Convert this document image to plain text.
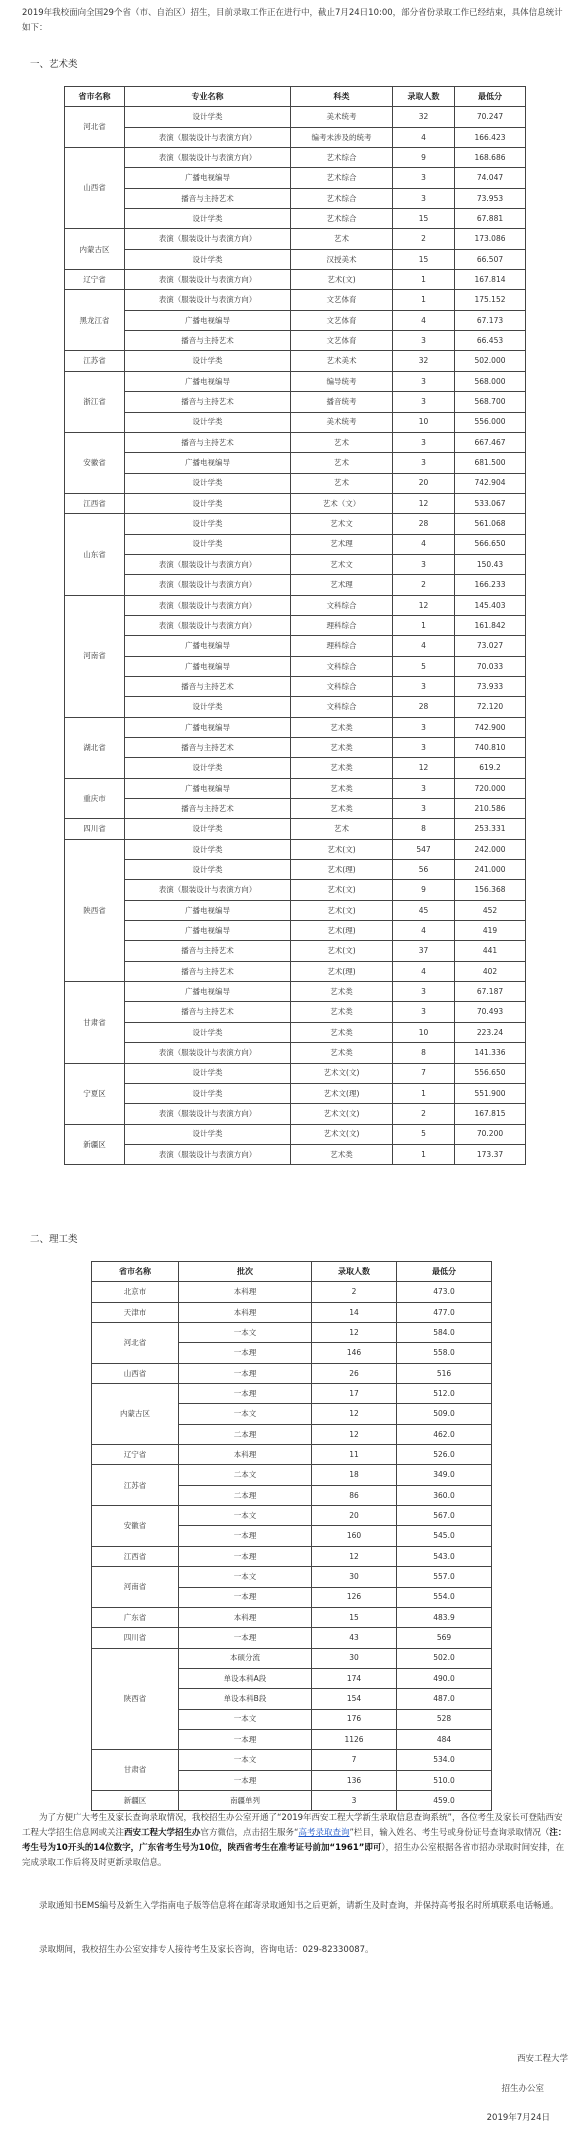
2019年我校面向全国29个省（市、自治区）招生，目前录取工作正在进行中，截止7月24日10:00，部分省份录取工作已经结束，具体信息统计如下：
一、艺术类
省市名称	专业名称	科类	录取人数	最低分
河北省	设计学类	美术统考	32	70.247
	表演（服装设计与表演方向）	编考未涉及的统考	4	166.423
山西省	表演（服装设计与表演方向）	艺术综合	9	168.686
	广播电视编导	艺术综合	3	74.047
	播音与主持艺术	艺术综合	3	73.953
	设计学类	艺术综合	15	67.881
内蒙古区	表演（服装设计与表演方向）	艺术	2	173.086
	设计学类	汉授美术	15	66.507
辽宁省	表演（服装设计与表演方向）	艺术(文)	1	167.814
黑龙江省	表演（服装设计与表演方向）	文艺体育	1	175.152
	广播电视编导	文艺体育	4	67.173
	播音与主持艺术	文艺体育	3	66.453
江苏省	设计学类	艺术美术	32	502.000
浙江省	广播电视编导	编导统考	3	568.000
	播音与主持艺术	播音统考	3	568.700
	设计学类	美术统考	10	556.000
安徽省	播音与主持艺术	艺术	3	667.467
	广播电视编导	艺术	3	681.500
	设计学类	艺术	20	742.904
江西省	设计学类	艺术（文）	12	533.067
山东省	设计学类	艺术文	28	561.068
	设计学类	艺术理	4	566.650
	表演（服装设计与表演方向）	艺术文	3	150.43
	表演（服装设计与表演方向）	艺术理	2	166.233
河南省	表演（服装设计与表演方向）	文科综合	12	145.403
	表演（服装设计与表演方向）	理科综合	1	161.842
	广播电视编导	理科综合	4	73.027
	广播电视编导	文科综合	5	70.033
	播音与主持艺术	文科综合	3	73.933
	设计学类	文科综合	28	72.120
湖北省	广播电视编导	艺术类	3	742.900
	播音与主持艺术	艺术类	3	740.810
	设计学类	艺术类	12	619.2
重庆市	广播电视编导	艺术类	3	720.000
	播音与主持艺术	艺术类	3	210.586
四川省	设计学类	艺术	8	253.331
陕西省	设计学类	艺术(文)	547	242.000
	设计学类	艺术(理)	56	241.000
	表演（服装设计与表演方向）	艺术(文)	9	156.368
	广播电视编导	艺术(文)	45	452
	广播电视编导	艺术(理)	4	419
	播音与主持艺术	艺术(文)	37	441
	播音与主持艺术	艺术(理)	4	402
甘肃省	广播电视编导	艺术类	3	67.187
	播音与主持艺术	艺术类	3	70.493
	设计学类	艺术类	10	223.24
	表演（服装设计与表演方向）	艺术类	8	141.336
宁夏区	设计学类	艺术文(文)	7	556.650
	设计学类	艺术文(理)	1	551.900
	表演（服装设计与表演方向）	艺术文(文)	2	167.815
新疆区	设计学类	艺术文(文)	5	70.200
	表演（服装设计与表演方向）	艺术类	1	173.37
二、理工类
省市名称	批次	录取人数	最低分
北京市	本科理	2	473.0
天津市	本科理	14	477.0
河北省	一本文	12	584.0
	一本理	146	558.0
山西省	一本理	26	516
内蒙古区	一本理	17	512.0
	一本文	12	509.0
	二本理	12	462.0
辽宁省	本科理	11	526.0
江苏省	二本文	18	349.0
	二本理	86	360.0
安徽省	一本文	20	567.0
	一本理	160	545.0
江西省	一本理	12	543.0
河南省	一本文	30	557.0
	一本理	126	554.0
广东省	本科理	15	483.9
四川省	一本理	43	569
陕西省	本硕分流	30	502.0
	单设本科A段	174	490.0
	单设本科B段	154	487.0
	一本文	176	528
	一本理	1126	484
甘肃省	一本文	7	534.0
	一本理	136	510.0
新疆区	南疆单列	3	459.0
为了方便广大考生及家长查询录取情况，我校招生办公室开通了“2019年西安工程大学新生录取信息查询系统”，各位考生及家长可登陆西安工程大学招生信息网或关注西安工程大学招生办官方微信，点击招生服务“高考录取查询”栏目，输入姓名、考生号或身份证号查询录取情况（注：考生号为10开头的14位数字，广东省考生号为10位，陕西省考生在准考证号前加“1961”即可），招生办公室根据各省市招办录取时间安排，在完成录取工作后将及时更新录取信息。
录取通知书EMS编号及新生入学指南电子版等信息将在邮寄录取通知书之后更新，请新生及时查询，并保持高考报名时所填联系电话畅通。
录取期间，我校招生办公室安排专人接待考生及家长咨询，咨询电话：029-82330087。
西安工程大学
招生办公室
2019年7月24日
